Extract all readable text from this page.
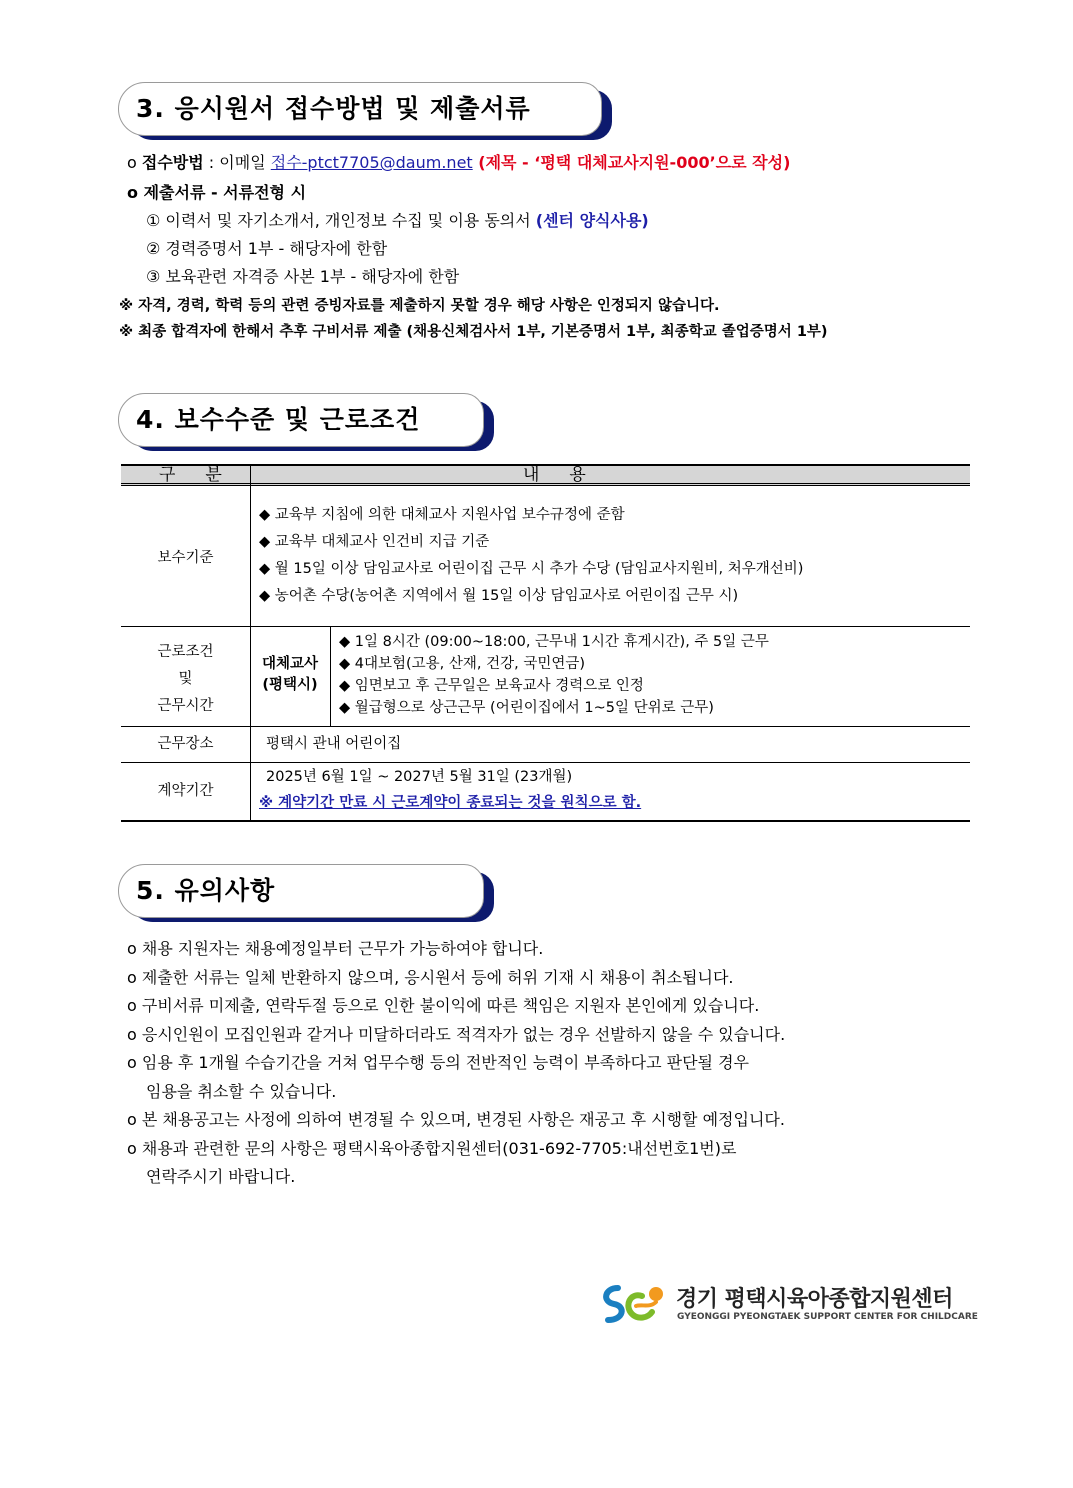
3. 응시원서 접수방법 및 제출서류
o 접수방법 : 이메일 접수-ptct7705@daum.net (제목 - ‘평택 대체교사지원-000’으로 작성)
o 제출서류 - 서류전형 시
① 이력서 및 자기소개서, 개인정보 수집 및 이용 동의서 (센터 양식사용)
② 경력증명서 1부 - 해당자에 한함
③ 보육관련 자격증 사본 1부 - 해당자에 한함
※ 자격, 경력, 학력 등의 관련 증빙자료를 제출하지 못할 경우 해당 사항은 인정되지 않습니다.
※ 최종 합격자에 한해서 추후 구비서류 제출 (채용신체검사서 1부, 기본증명서 1부, 최종학교 졸업증명서 1부)
4. 보수수준 및 근로조건
구분	내용
보수기준
◆ 교육부 지침에 의한 대체교사 지원사업 보수규정에 준함
◆ 교육부 대체교사 인건비 지급 기준
◆ 월 15일 이상 담임교사로 어린이집 근무 시 추가 수당 (담임교사지원비, 처우개선비)
◆ 농어촌 수당(농어촌 지역에서 월 15일 이상 담임교사로 어린이집 근무 시)
근로조건
및
근무시간
대체교사
(평택시)
◆ 1일 8시간 (09:00~18:00, 근무내 1시간 휴게시간), 주 5일 근무
◆ 4대보험(고용, 산재, 건강, 국민연금)
◆ 임면보고 후 근무일은 보육교사 경력으로 인정
◆ 월급형으로 상근근무 (어린이집에서 1~5일 단위로 근무)
근무장소	평택시 관내 어린이집
계약기간
2025년 6월 1일 ~ 2027년 5월 31일 (23개월)
※ 계약기간 만료 시 근로계약이 종료되는 것을 원칙으로 함.
5. 유의사항
o 채용 지원자는 채용예정일부터 근무가 가능하여야 합니다.
o 제출한 서류는 일체 반환하지 않으며, 응시원서 등에 허위 기재 시 채용이 취소됩니다.
o 구비서류 미제출, 연락두절 등으로 인한 불이익에 따른 책임은 지원자 본인에게 있습니다.
o 응시인원이 모집인원과 같거나 미달하더라도 적격자가 없는 경우 선발하지 않을 수 있습니다.
o 임용 후 1개월 수습기간을 거쳐 업무수행 등의 전반적인 능력이 부족하다고 판단될 경우
임용을 취소할 수 있습니다.
o 본 채용공고는 사정에 의하여 변경될 수 있으며, 변경된 사항은 재공고 후 시행할 예정입니다.
o 채용과 관련한 문의 사항은 평택시육아종합지원센터(031-692-7705:내선번호1번)로
연락주시기 바랍니다.
경기 평택시육아종합지원센터
GYEONGGI PYEONGTAEK SUPPORT CENTER FOR CHILDCARE
